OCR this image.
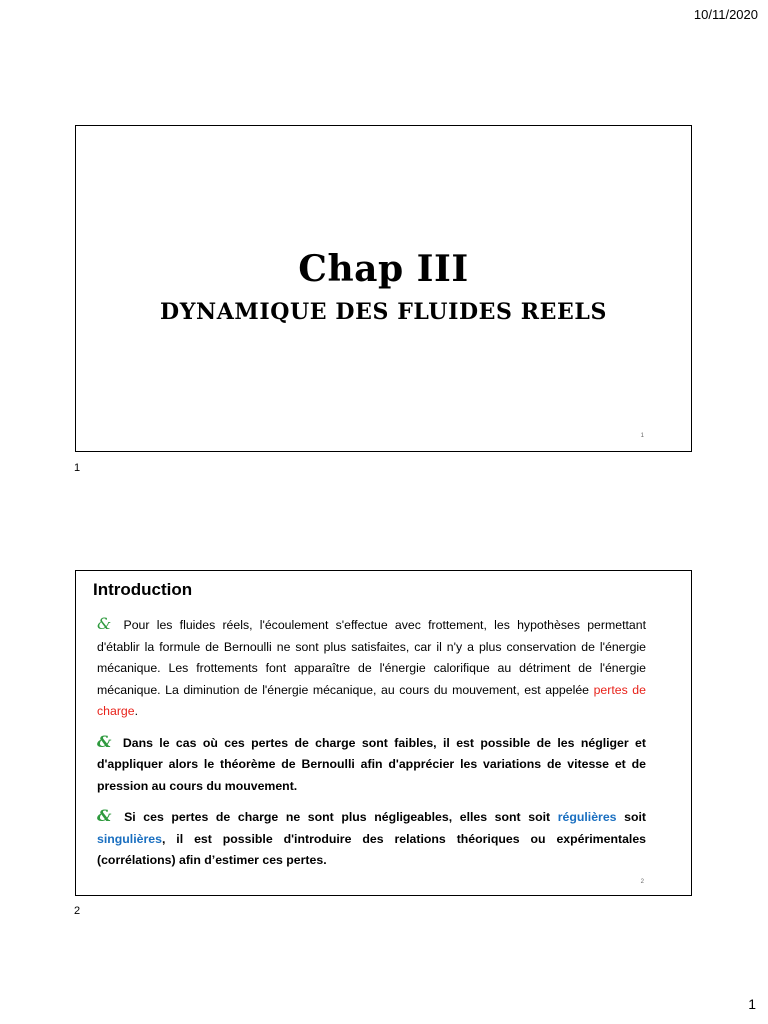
10/11/2020
Chap III
DYNAMIQUE DES FLUIDES REELS
1
1
Introduction

& Pour les fluides réels, l'écoulement s'effectue avec frottement, les hypothèses permettant d'établir la formule de Bernoulli ne sont plus satisfaites, car il n'y a plus conservation de l'énergie mécanique. Les frottements font apparaître de l'énergie calorifique au détriment de l'énergie mécanique. La diminution de l'énergie mécanique, au cours du mouvement, est appelée pertes de charge.

& Dans le cas où ces pertes de charge sont faibles, il est possible de les négliger et d'appliquer alors le théorème de Bernoulli afin d'apprécier les variations de vitesse et de pression au cours du mouvement.

& Si ces pertes de charge ne sont plus négligeables, elles sont soit régulières soit singulières, il est possible d'introduire des relations théoriques ou expérimentales (corrélations) afin d’estimer ces pertes.

2
2
1
